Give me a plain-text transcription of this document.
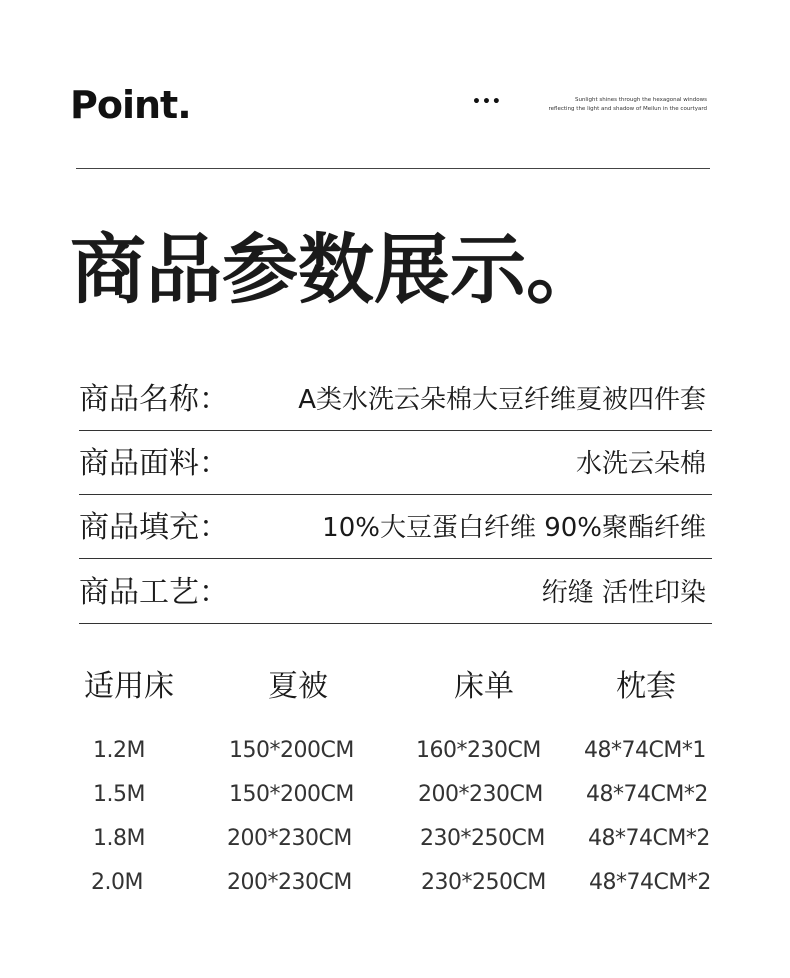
Point.	•••	Sunlight shines through the hexagonal windows
reflecting the light and shadow of Meilun in the courtyard
商品参数展示。
商品名称：	A类水洗云朵棉大豆纤维夏被四件套
商品面料：	水洗云朵棉
商品填充：	10%大豆蛋白纤维 90%聚酯纤维
商品工艺：	绗缝 活性印染
适用床	夏被	床单	枕套
1.2M	150*200CM	160*230CM 48*74CM*1
1.5M	150*200CM	200*230CM 48*74CM*2
1.8M	200*230CM	230*250CM 48*74CM*2
2.0M	200*230CM	230*250CM 48*74CM*2
